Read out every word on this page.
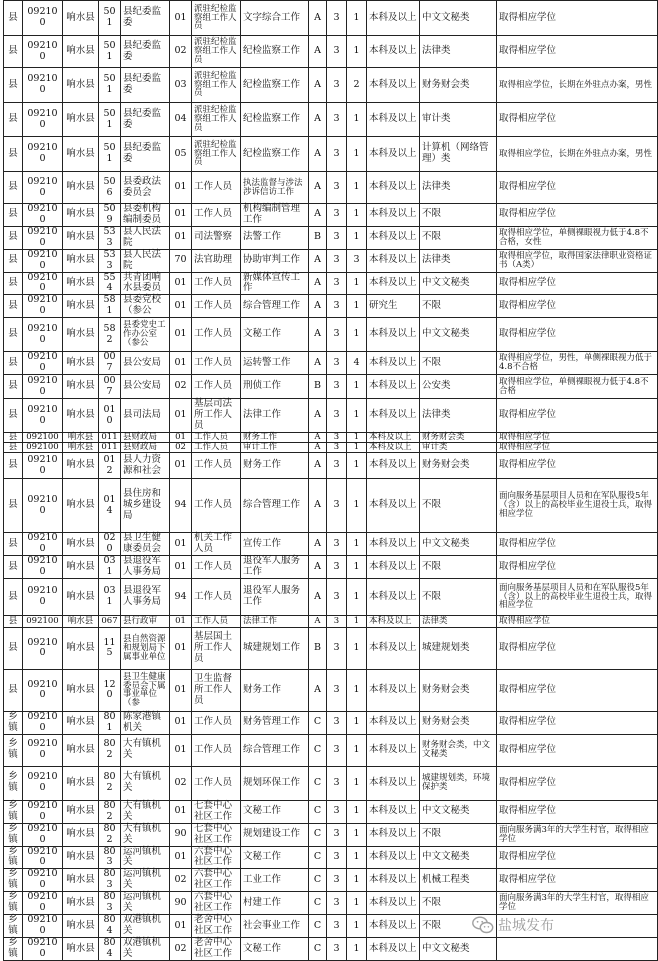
县	092100	响水县	501	县纪委监委	01	派驻纪检监察组工作人员	文字综合工作	A	3	1	本科及以上	中文文秘类	取得相应学位
县	092100	响水县	501	县纪委监委	02	派驻纪检监察组工作人员	纪检监察工作	A	3	1	本科及以上	法律类	取得相应学位
县	092100	响水县	501	县纪委监委	03	派驻纪检监察组工作人员	纪检监察工作	A	3	2	本科及以上	财务财会类	取得相应学位，长期在外驻点办案，男性
县	092100	响水县	501	县纪委监委	04	派驻纪检监察组工作人员	纪检监察工作	A	3	1	本科及以上	审计类	取得相应学位
县	092100	响水县	501	县纪委监委	05	派驻纪检监察组工作人员	纪检监察工作	A	3	1	本科及以上	计算机（网络管理）类	取得相应学位，长期在外驻点办案，男性
县	092100	响水县	506	县委政法委员会	01	工作人员	执法监督与涉法涉诉信访工作	A	3	1	本科及以上	法律类	取得相应学位
县	092100	响水县	509	县委机构编制委员	01	工作人员	机构编制管理工作	A	3	1	本科及以上	不限	取得相应学位
县	092100	响水县	533	县人民法院	01	司法警察	法警工作	B	3	1	本科及以上	不限	取得相应学位，单侧裸眼视力低于4.8不合格，女性
县	092100	响水县	533	县人民法院	70	法官助理	协助审判工作	A	3	3	本科及以上	法律类	取得相应学位，取得国家法律职业资格证书（A类）
县	092100	响水县	554	共青团响水县委员	01	工作人员	新媒体宣传工作	A	3	1	本科及以上	中文文秘类	取得相应学位
县	092100	响水县	581	县委党校（参公	01	工作人员	综合管理工作	A	3	1	研究生	不限	取得相应学位
县	092100	响水县	582	县委党史工作办公室（参公	01	工作人员	文秘工作	A	3	1	本科及以上	中文文秘类	取得相应学位
县	092100	响水县	007	县公安局	01	工作人员	运转警工作	A	3	4	本科及以上	不限	取得相应学位，男性，单侧裸眼视力低于4.8不合格
县	092100	响水县	007	县公安局	02	工作人员	刑侦工作	B	3	1	本科及以上	公安类	取得相应学位，单侧裸眼视力低于4.8不合格
县	092100	响水县	010	县司法局	01	基层司法所工作人员	法律工作	A	3	1	本科及以上	法律类	取得相应学位
县	092100	响水县	011	县财政局	01	工作人员	财务工作	A	3	1	本科及以上	财务财会类	取得相应学位
县	092100	响水县	011	县财政局	02	工作人员	审计工作	A	3	1	本科及以上	审计类	取得相应学位
县	092100	响水县	012	县人力资源和社会	01	工作人员	财务工作	A	3	1	本科及以上	财务财会类	取得相应学位
县	092100	响水县	014	县住房和城乡建设局	94	工作人员	综合管理工作	A	3	1	本科及以上	不限	面向服务基层项目人员和在军队服役5年（含）以上的高校毕业生退役士兵，取得相应学位
县	092100	响水县	020	县卫生健康委员会	01	机关工作人员	宣传工作	A	3	1	本科及以上	中文文秘类	取得相应学位
县	092100	响水县	031	县退役军人事务局	01	工作人员	退役军人服务工作	A	3	1	本科及以上	不限	取得相应学位
县	092100	响水县	031	县退役军人事务局	94	工作人员	退役军人服务工作	A	3	1	本科及以上	不限	面向服务基层项目人员和在军队服役5年（含）以上的高校毕业生退役士兵，取得相应学位
县	092100	响水县	067	县行政审	01	工作人员	法律工作	A	3	1	本科及以上	法律类	取得相应学位
县	092100	响水县	115	县自然资源和规划局下属事业单位	01	基层国土所工作人员	城建规划工作	B	3	1	本科及以上	城建规划类	取得相应学位
县	092100	响水县	120	县卫生健康委员会下属事业单位（参	01	卫生监督所工作人员	财务工作	A	3	1	本科及以上	财务财会类	取得相应学位
乡镇	092100	响水县	801	陈家港镇机关	01	工作人员	财务管理工作	C	3	1	本科及以上	财务财会类	取得相应学位
乡镇	092100	响水县	802	大有镇机关	01	工作人员	综合管理工作	C	3	1	本科及以上	财务财会类，中文文秘类	取得相应学位
乡镇	092100	响水县	802	大有镇机关	02	工作人员	规划环保工作	C	3	1	本科及以上	城建规划类，环境保护类	取得相应学位
乡镇	092100	响水县	802	大有镇机关	01	七套中心社区工作	文秘工作	C	3	1	本科及以上	中文文秘类	取得相应学位
乡镇	092100	响水县	802	大有镇机关	90	七套中心社区工作	规划建设工作	C	3	1	本科及以上	不限	面向服务满3年的大学生村官，取得相应学位
乡镇	092100	响水县	803	运河镇机关	01	六套中心社区工作	文秘工作	C	3	1	本科及以上	中文文秘类	取得相应学位
乡镇	092100	响水县	803	运河镇机关	02	六套中心社区工作	工业工作	C	3	1	本科及以上	机械工程类	取得相应学位
乡镇	092100	响水县	803	运河镇机关	90	六套中心社区工作	村建工作	C	3	1	本科及以上	不限	面向服务满3年的大学生村官，取得相应学位
乡镇	092100	响水县	804	双港镇机关	01	老舍中心社区工作	社会事业工作	C	3	1	本科及以上	不限	
乡镇	092100	响水县	804	双港镇机关	02	老舍中心社区工作	文秘工作	C	3	1	本科及以上	中文文秘类	
盐城发布
